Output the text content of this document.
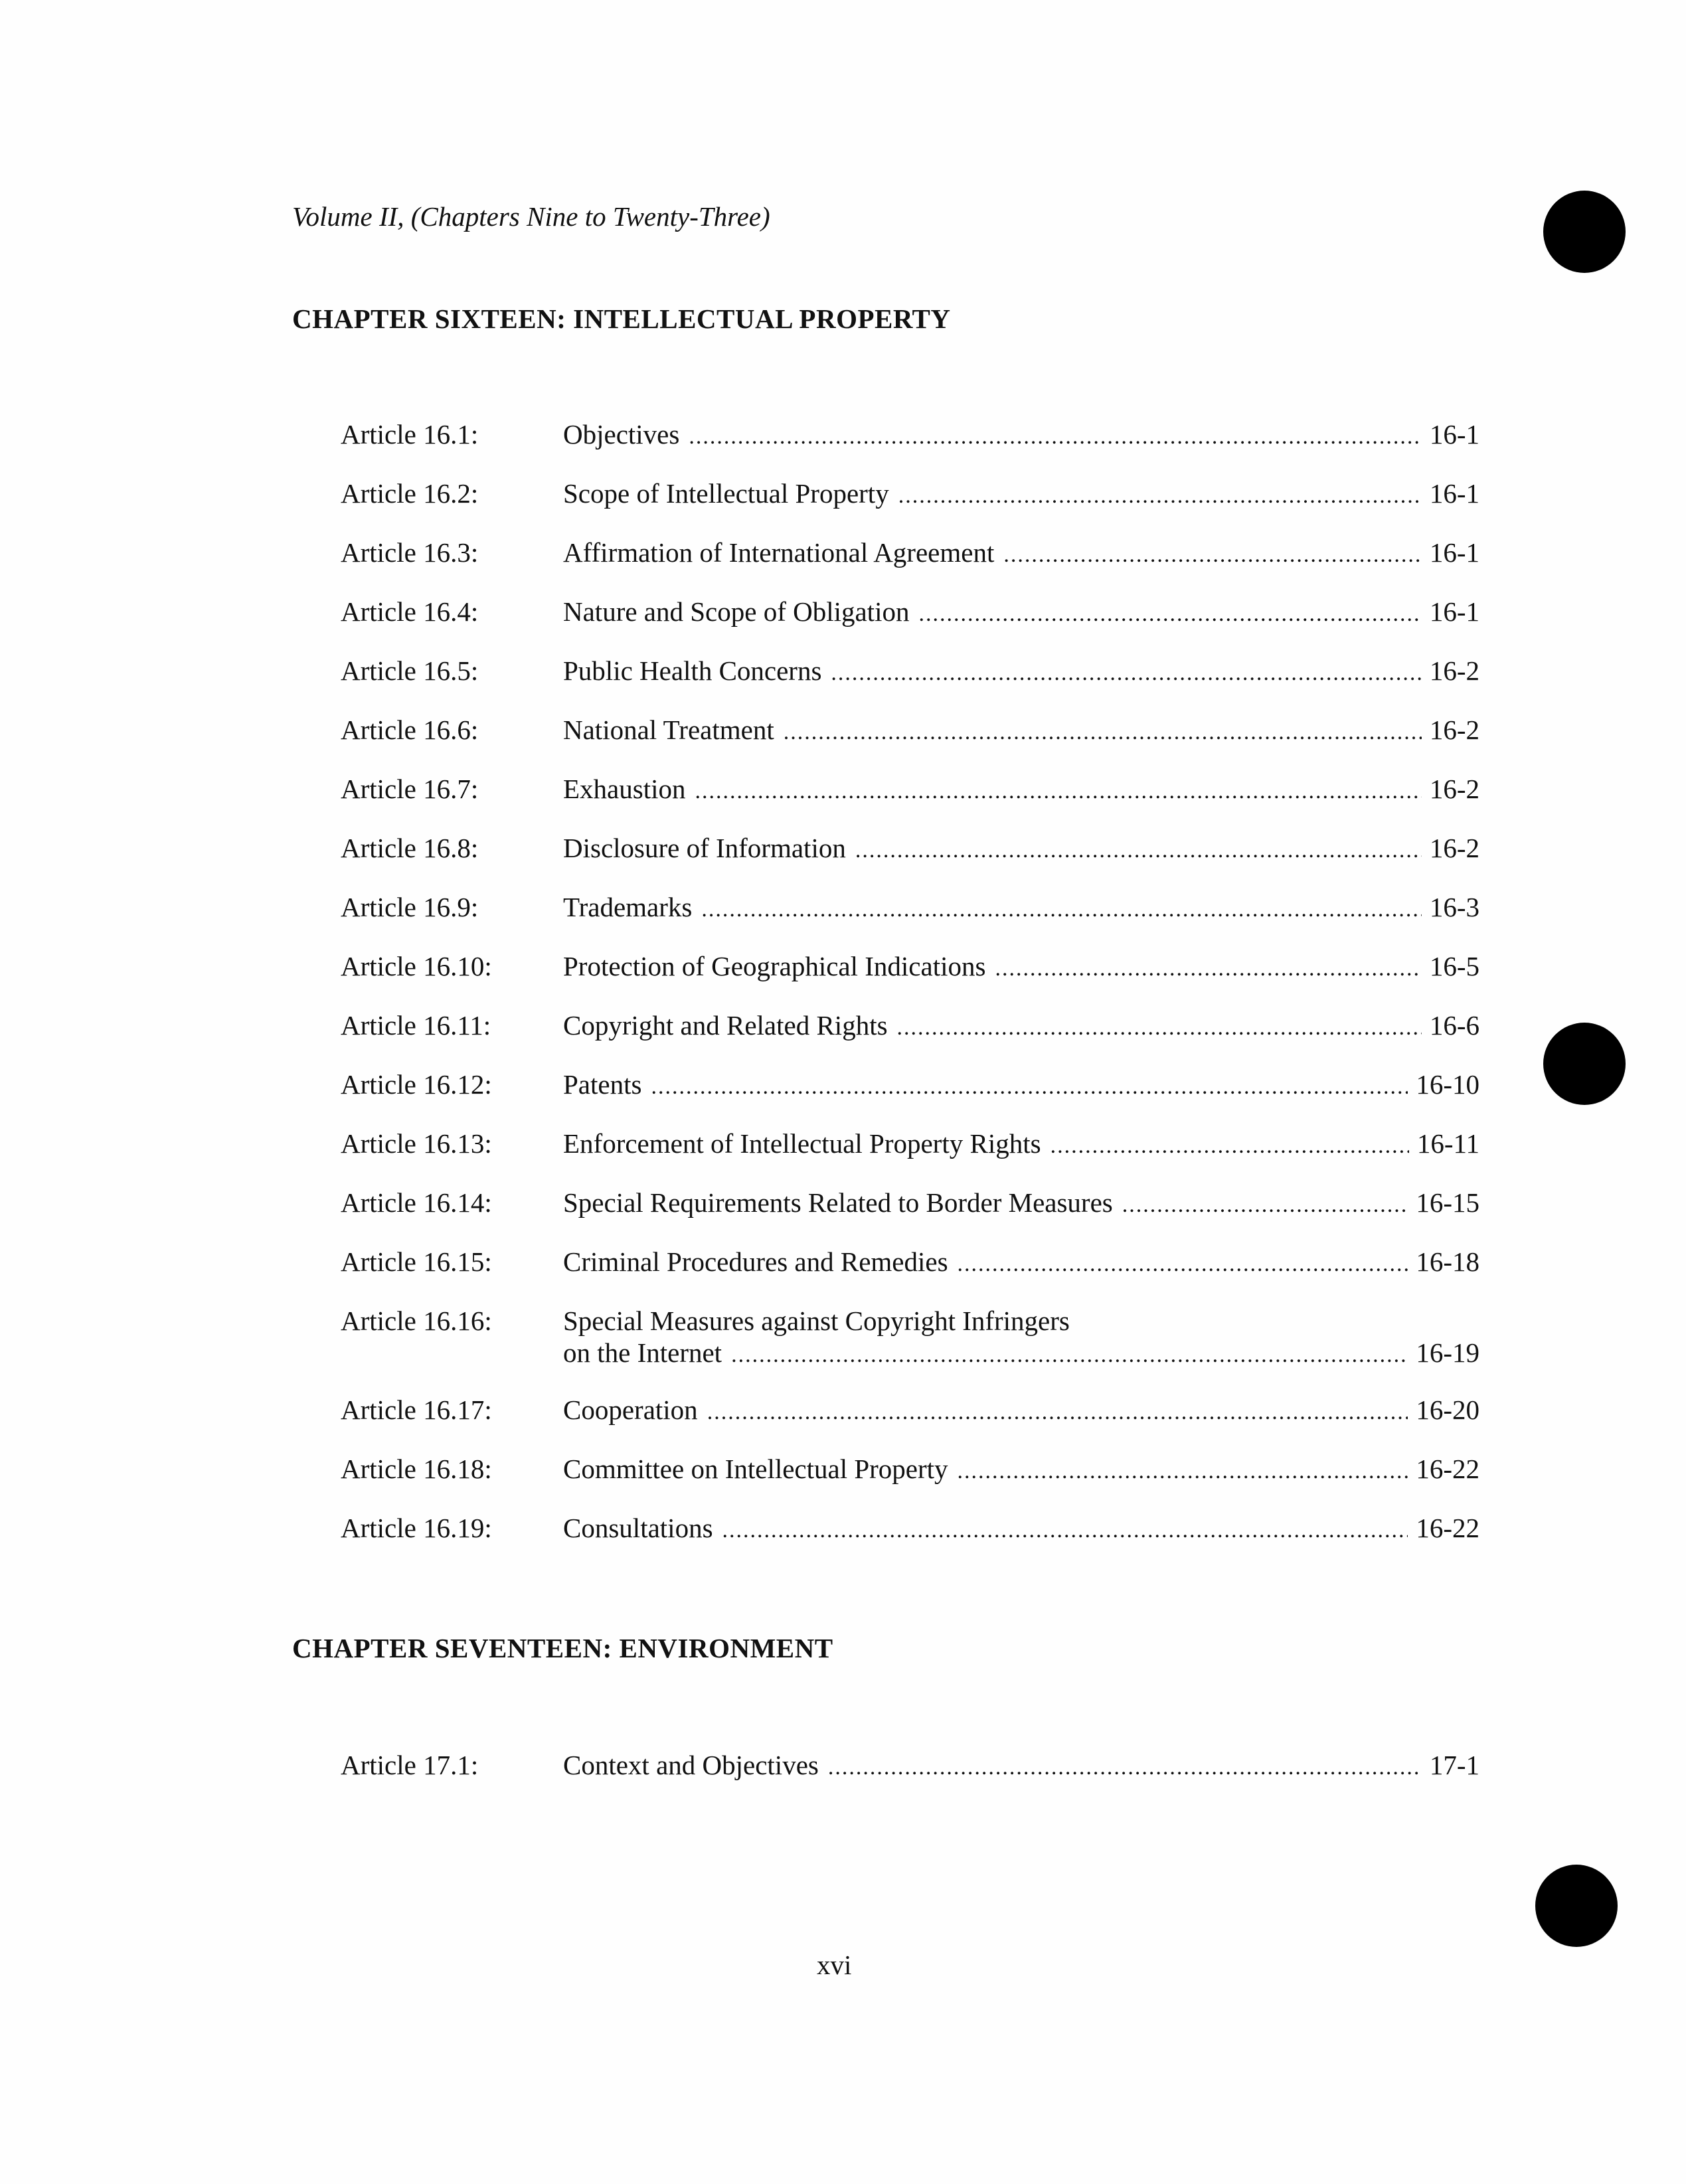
Volume II, (Chapters Nine to Twenty-Three)
CHAPTER SIXTEEN: INTELLECTUAL PROPERTY
Article 16.1:	Objectives .....	16-1
Article 16.2:	Scope of Intellectual Property .....	16-1
Article 16.3:	Affirmation of International Agreement .....	16-1
Article 16.4:	Nature and Scope of Obligation .....	16-1
Article 16.5:	Public Health Concerns .....	16-2
Article 16.6:	National Treatment .....	16-2
Article 16.7:	Exhaustion .....	16-2
Article 16.8:	Disclosure of Information .....	16-2
Article 16.9:	Trademarks .....	16-3
Article 16.10:	Protection of Geographical Indications .....	16-5
Article 16.11:	Copyright and Related Rights .....	16-6
Article 16.12:	Patents .....	16-10
Article 16.13:	Enforcement of Intellectual Property Rights .....	16-11
Article 16.14:	Special Requirements Related to Border Measures .....	16-15
Article 16.15:	Criminal Procedures and Remedies .....	16-18
Article 16.16:	Special Measures against Copyright Infringers
on the Internet .....	16-19
Article 16.17:	Cooperation .....	16-20
Article 16.18:	Committee on Intellectual Property .....	16-22
Article 16.19:	Consultations .....	16-22
CHAPTER SEVENTEEN: ENVIRONMENT
Article 17.1:	Context and Objectives .....	17-1
xvi
